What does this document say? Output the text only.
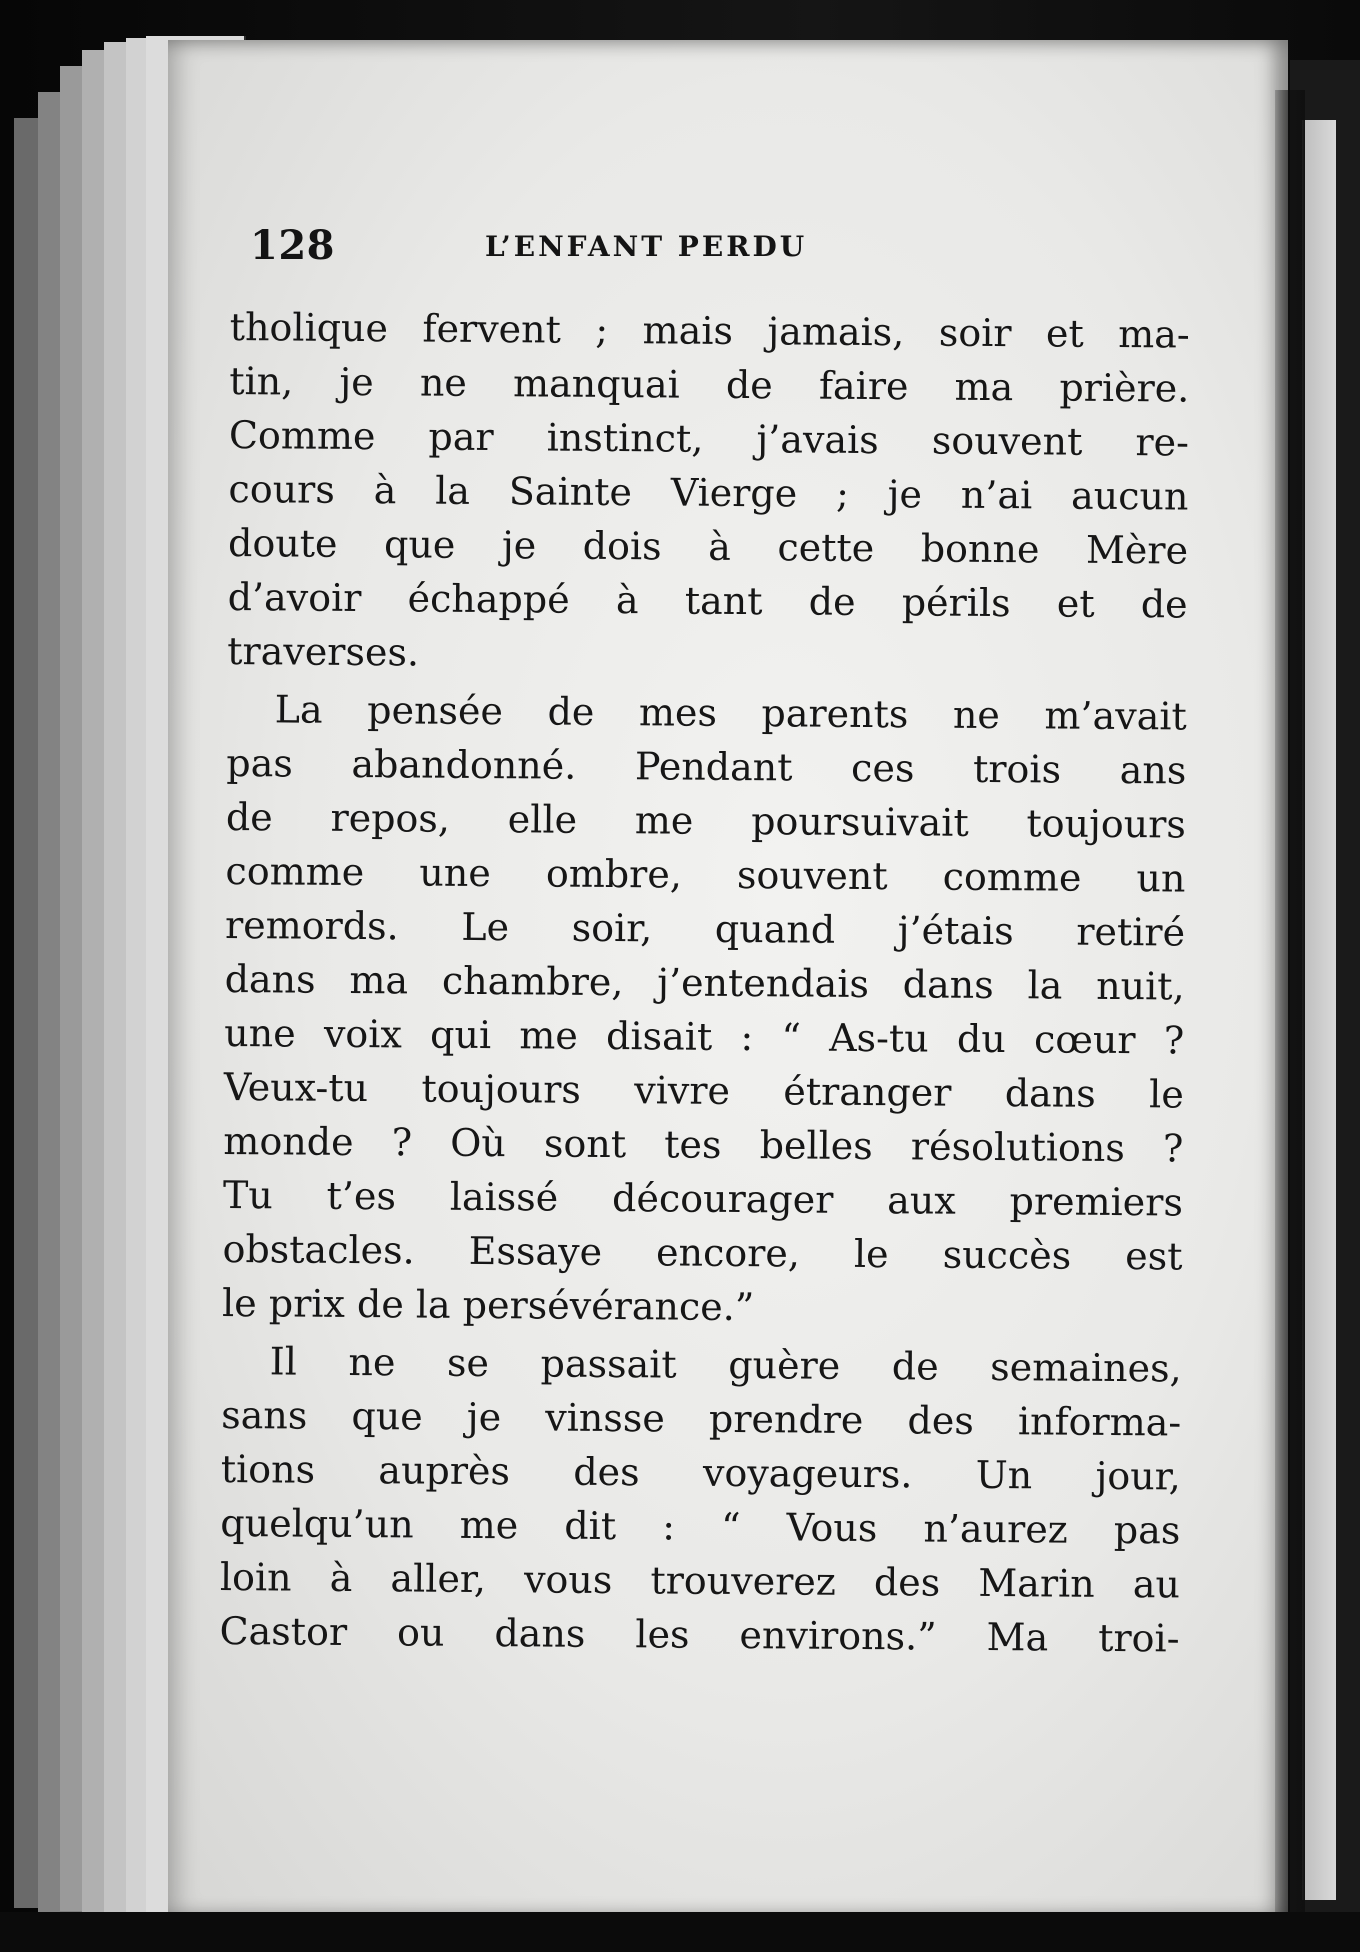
128	L’ENFANT PERDU
tholique fervent ; mais jamais, soir et ma-
tin, je ne manquai de faire ma prière.
Comme par instinct, j’avais souvent re-
cours à la Sainte Vierge ; je n’ai aucun
doute que je dois à cette bonne Mère
d’avoir échappé à tant de périls et de
traverses.
La pensée de mes parents ne m’avait
pas abandonné. Pendant ces trois ans
de repos, elle me poursuivait toujours
comme une ombre, souvent comme un
remords. Le soir, quand j’étais retiré
dans ma chambre, j’entendais dans la nuit,
une voix qui me disait : “ As-tu du cœur ?
Veux-tu toujours vivre étranger dans le
monde ? Où sont tes belles résolutions ?
Tu t’es laissé décourager aux premiers
obstacles. Essaye encore, le succès est
le prix de la persévérance.”
Il ne se passait guère de semaines,
sans que je vinsse prendre des informa-
tions auprès des voyageurs. Un jour,
quelqu’un me dit : “ Vous n’aurez pas
loin à aller, vous trouverez des Marin au
Castor ou dans les environs.” Ma troi-
